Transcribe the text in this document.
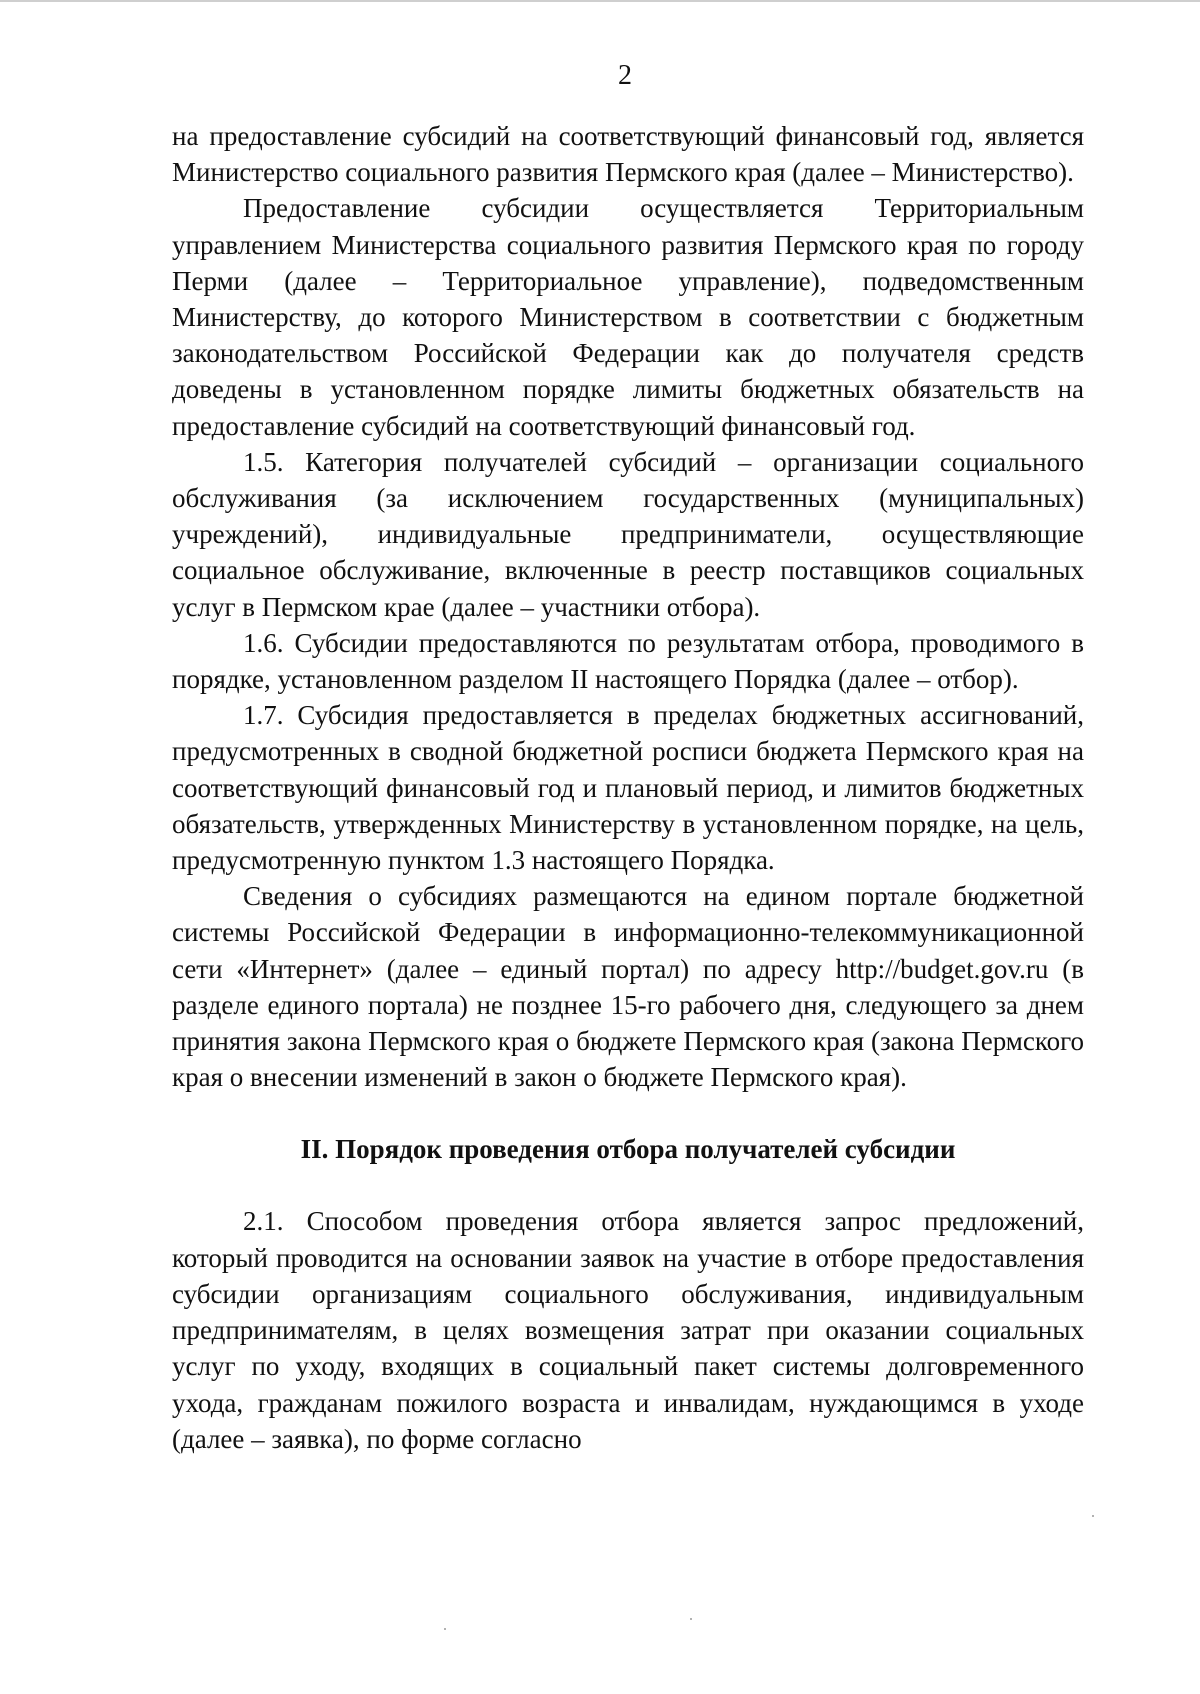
2

на предоставление субсидий на соответствующий финансовый год, является Министерство социального развития Пермского края (далее – Министерство).

Предоставление субсидии осуществляется Территориальным управлением Министерства социального развития Пермского края по городу Перми (далее – Территориальное управление), подведомственным Министерству, до которого Министерством в соответствии с бюджетным законодательством Российской Федерации как до получателя средств доведены в установленном порядке лимиты бюджетных обязательств на предоставление субсидий на соответствующий финансовый год.

1.5. Категория получателей субсидий – организации социального обслуживания (за исключением государственных (муниципальных) учреждений), индивидуальные предприниматели, осуществляющие социальное обслуживание, включенные в реестр поставщиков социальных услуг в Пермском крае (далее – участники отбора).

1.6. Субсидии предоставляются по результатам отбора, проводимого в порядке, установленном разделом II настоящего Порядка (далее – отбор).

1.7. Субсидия предоставляется в пределах бюджетных ассигнований, предусмотренных в сводной бюджетной росписи бюджета Пермского края на соответствующий финансовый год и плановый период, и лимитов бюджетных обязательств, утвержденных Министерству в установленном порядке, на цель, предусмотренную пунктом 1.3 настоящего Порядка.

Сведения о субсидиях размещаются на едином портале бюджетной системы Российской Федерации в информационно-телекоммуникационной сети «Интернет» (далее – единый портал) по адресу http://budget.gov.ru (в разделе единого портала) не позднее 15-го рабочего дня, следующего за днем принятия закона Пермского края о бюджете Пермского края (закона Пермского края о внесении изменений в закон о бюджете Пермского края).

II. Порядок проведения отбора получателей субсидии

2.1. Способом проведения отбора является запрос предложений, который проводится на основании заявок на участие в отборе предоставления субсидии организациям социального обслуживания, индивидуальным предпринимателям, в целях возмещения затрат при оказании социальных услуг по уходу, входящих в социальный пакет системы долговременного ухода, гражданам пожилого возраста и инвалидам, нуждающимся в уходе (далее – заявка), по форме согласно
